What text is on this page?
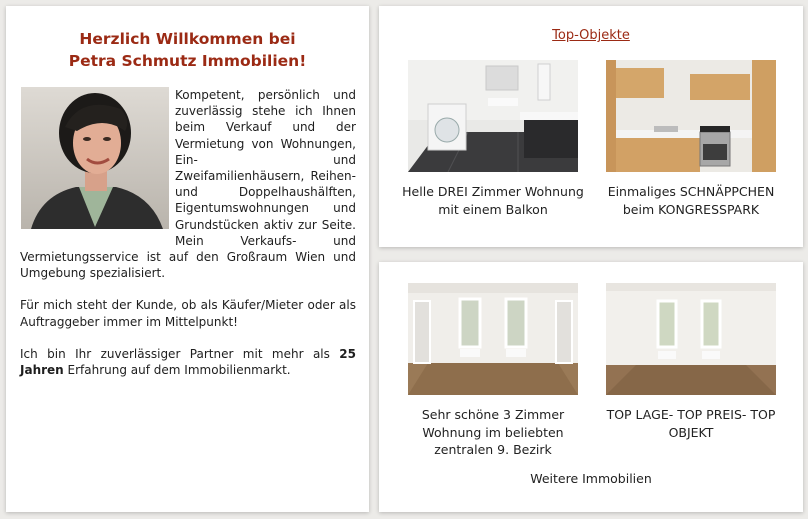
Herzlich Willkommen bei
Petra Schmutz Immobilien!

Kompetent, persönlich und zuverlässig stehe ich Ihnen beim Verkauf und der Vermietung von Wohnungen, Ein- und Zweifamilienhäusern, Reihen- und Doppelhaushälften, Eigentumswohnungen und Grundstücken aktiv zur Seite. Mein Verkaufs- und Vermietungsservice ist auf den Großraum Wien und Umgebung spezialisiert.

Für mich steht der Kunde, ob als Käufer/Mieter oder als Auftraggeber immer im Mittelpunkt!

Ich bin Ihr zuverlässiger Partner mit mehr als 25 Jahren Erfahrung auf dem Immobilienmarkt.

Top-Objekte
Helle DREI Zimmer Wohnung mit einem Balkon
Einmaliges SCHNÄPPCHEN beim KONGRESSPARK
Sehr schöne 3 Zimmer Wohnung im beliebten zentralen 9. Bezirk
TOP LAGE- TOP PREIS- TOP OBJEKT
Weitere Immobilien
